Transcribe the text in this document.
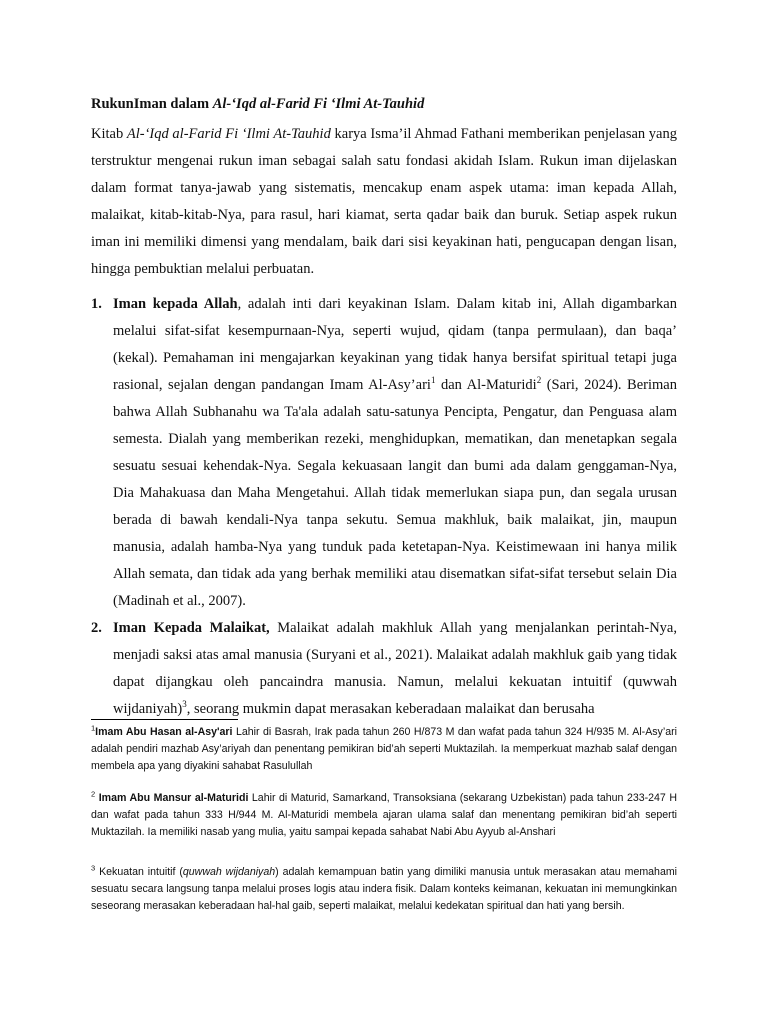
RukunIman dalam Al-‘Iqd al-Farid Fi ‘Ilmi At-Tauhid

Kitab Al-‘Iqd al-Farid Fi ‘Ilmi At-Tauhid karya Isma’il Ahmad Fathani memberikan penjelasan yang terstruktur mengenai rukun iman sebagai salah satu fondasi akidah Islam. Rukun iman dijelaskan dalam format tanya-jawab yang sistematis, mencakup enam aspek utama: iman kepada Allah, malaikat, kitab-kitab-Nya, para rasul, hari kiamat, serta qadar baik dan buruk. Setiap aspek rukun iman ini memiliki dimensi yang mendalam, baik dari sisi keyakinan hati, pengucapan dengan lisan, hingga pembuktian melalui perbuatan.

1. Iman kepada Allah, adalah inti dari keyakinan Islam. Dalam kitab ini, Allah digambarkan melalui sifat-sifat kesempurnaan-Nya, seperti wujud, qidam (tanpa permulaan), dan baqa’ (kekal). Pemahaman ini mengajarkan keyakinan yang tidak hanya bersifat spiritual tetapi juga rasional, sejalan dengan pandangan Imam Al-Asy’ari$^1$ dan Al-Maturidi$^2$ (Sari, 2024). Beriman bahwa Allah Subhanahu wa Ta'ala adalah satu-satunya Pencipta, Pengatur, dan Penguasa alam semesta. Dialah yang memberikan rezeki, menghidupkan, mematikan, dan menetapkan segala sesuatu sesuai kehendak-Nya. Segala kekuasaan langit dan bumi ada dalam genggaman-Nya, Dia Mahakuasa dan Maha Mengetahui. Allah tidak memerlukan siapa pun, dan segala urusan berada di bawah kendali-Nya tanpa sekutu. Semua makhluk, baik malaikat, jin, maupun manusia, adalah hamba-Nya yang tunduk pada ketetapan-Nya. Keistimewaan ini hanya milik Allah semata, dan tidak ada yang berhak memiliki atau disematkan sifat-sifat tersebut selain Dia (Madinah et al., 2007).
2. Iman Kepada Malaikat, Malaikat adalah makhluk Allah yang menjalankan perintah-Nya, menjadi saksi atas amal manusia (Suryani et al., 2021). Malaikat adalah makhluk gaib yang tidak dapat dijangkau oleh pancaindra manusia. Namun, melalui kekuatan intuitif (quwwah wijdaniyah)$^3$, seorang mukmin dapat merasakan keberadaan malaikat dan berusaha
$^1$Imam Abu Hasan al-Asy'ari Lahir di Basrah, Irak pada tahun 260 H/873 M dan wafat pada tahun 324 H/935 M. Al-Asy’ari adalah pendiri mazhab Asy’ariyah dan penentang pemikiran bid’ah seperti Muktazilah. Ia memperkuat mazhab salaf dengan membela apa yang diyakini sahabat Rasulullah
$^2$ Imam Abu Mansur al-Maturidi Lahir di Maturid, Samarkand, Transoksiana (sekarang Uzbekistan) pada tahun 233-247 H dan wafat pada tahun 333 H/944 M. Al-Maturidi membela ajaran ulama salaf dan menentang pemikiran bid’ah seperti Muktazilah. Ia memiliki nasab yang mulia, yaitu sampai kepada sahabat Nabi Abu Ayyub al-Anshari
$^3$ Kekuatan intuitif (quwwah wijdaniyah) adalah kemampuan batin yang dimiliki manusia untuk merasakan atau memahami sesuatu secara langsung tanpa melalui proses logis atau indera fisik. Dalam konteks keimanan, kekuatan ini memungkinkan seseorang merasakan keberadaan hal-hal gaib, seperti malaikat, melalui kedekatan spiritual dan hati yang bersih.
